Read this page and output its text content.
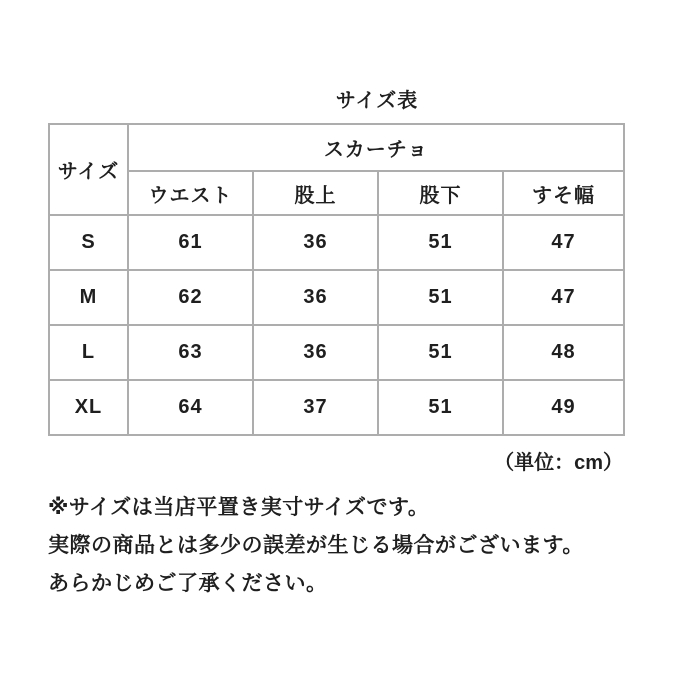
サイズ表
サイズ	スカーチョ			
	ウエスト	股上	股下	すそ幅
S	61	36	51	47
M	62	36	51	47
L	63	36	51	48
XL	64	37	51	49
（単位：cm）
※サイズは当店平置き実寸サイズです。
実際の商品とは多少の誤差が生じる場合がございます。
あらかじめご了承ください。
